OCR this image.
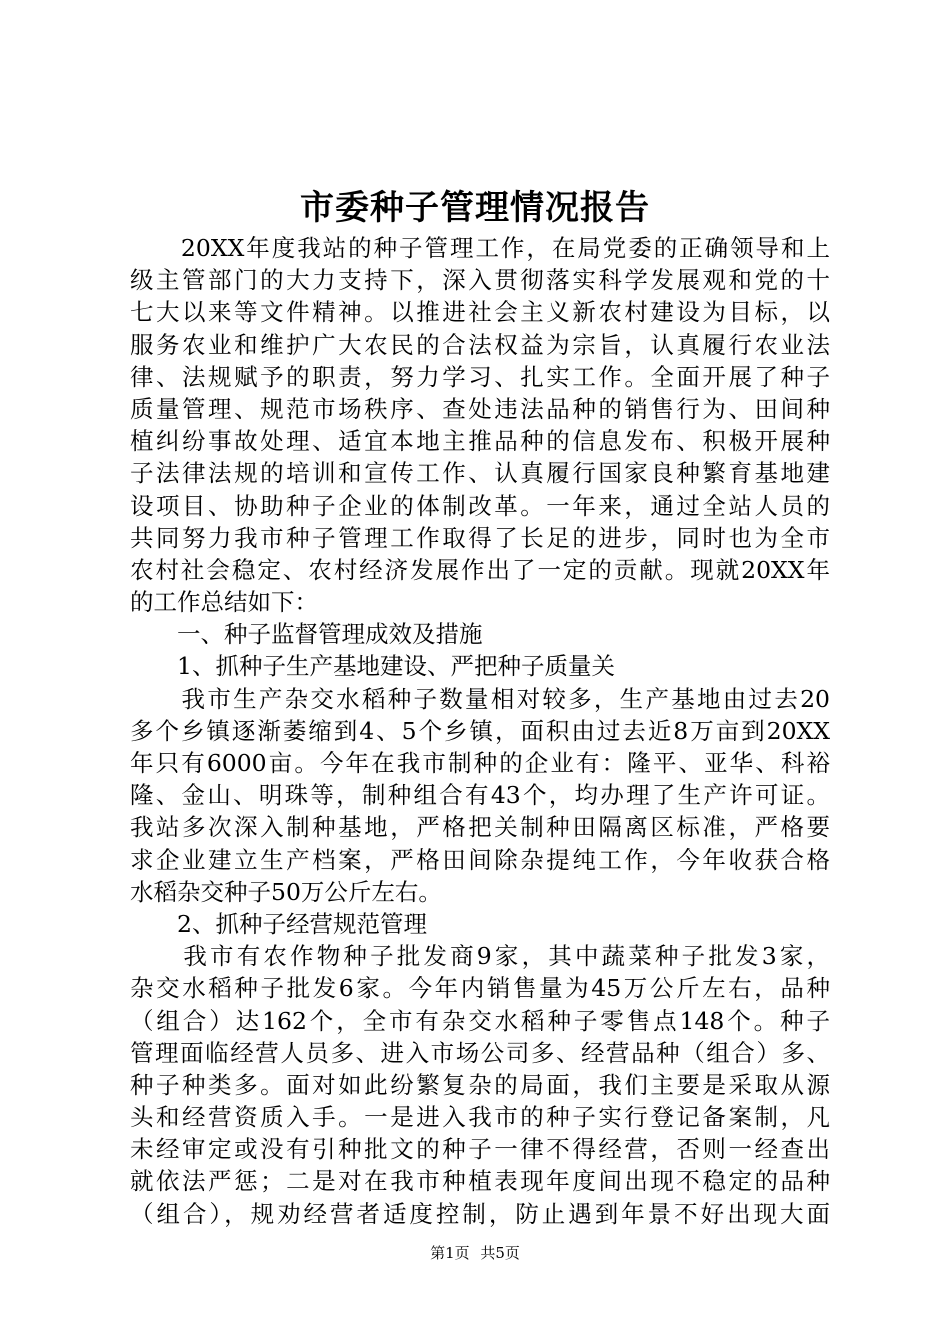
市委种子管理情况报告
　　20XX年度我站的种子管理工作，在局党委的正确领导和上
级主管部门的大力支持下，深入贯彻落实科学发展观和党的十
七大以来等文件精神。以推进社会主义新农村建设为目标，以
服务农业和维护广大农民的合法权益为宗旨，认真履行农业法
律、法规赋予的职责，努力学习、扎实工作。全面开展了种子
质量管理、规范市场秩序、查处违法品种的销售行为、田间种
植纠纷事故处理、适宜本地主推品种的信息发布、积极开展种
子法律法规的培训和宣传工作、认真履行国家良种繁育基地建
设项目、协助种子企业的体制改革。一年来，通过全站人员的
共同努力我市种子管理工作取得了长足的进步，同时也为全市
农村社会稳定、农村经济发展作出了一定的贡献。现就20XX年
的工作总结如下：
　　一、种子监督管理成效及措施
　　1、抓种子生产基地建设、严把种子质量关
　　我市生产杂交水稻种子数量相对较多，生产基地由过去20
多个乡镇逐渐萎缩到4、5个乡镇，面积由过去近8万亩到20XX
年只有6000亩。今年在我市制种的企业有：隆平、亚华、科裕
隆、金山、明珠等，制种组合有43个，均办理了生产许可证。
我站多次深入制种基地，严格把关制种田隔离区标准，严格要
求企业建立生产档案，严格田间除杂提纯工作，今年收获合格
水稻杂交种子50万公斤左右。
　　2、抓种子经营规范管理
　　我市有农作物种子批发商9家，其中蔬菜种子批发3家，
杂交水稻种子批发6家。今年内销售量为45万公斤左右，品种
（组合）达162个，全市有杂交水稻种子零售点148个。种子
管理面临经营人员多、进入市场公司多、经营品种（组合）多、
种子种类多。面对如此纷繁复杂的局面，我们主要是采取从源
头和经营资质入手。一是进入我市的种子实行登记备案制，凡
未经审定或没有引种批文的种子一律不得经营，否则一经查出
就依法严惩；二是对在我市种植表现年度间出现不稳定的品种
（组合），规劝经营者适度控制，防止遇到年景不好出现大面
第1页 共5页
